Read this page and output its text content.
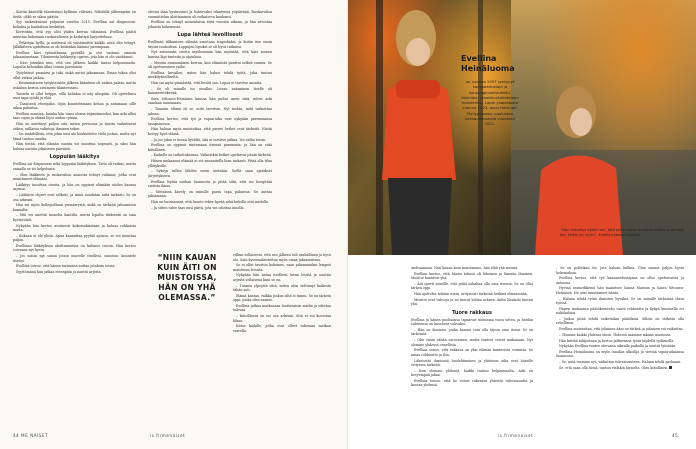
– Koetin käsitellä tilanteitani kyllmän viileästi. Nähdellä jälkeenpäin en tiedä, olikö se oikea päätös.

Syy vaikeuksiinsa paljastui vuoden 2015. Evellina sai diagnoosin: keliakia ja hankaluus keskittyä.

Kerrottiin, että syy olisi yhden kerran elämässä. Evellina päätti muuttaa kokonaan ruokavalionsa ja keskittyä harjoitteluun.

– Pelästyin kyllä, ja mielessä oli väistämättä kaikki, mitä olin tehnyt. Jälkikäteen ajateltuna se oli kuitenkin käänne parempaan.

Evellina kävi työmatkansa pyörällä ja otti vastuun omasta jaksamisestaan. Tilanteesta kehkeytyi opetus, jota hän ei ole unohtanut.

– Kävi jotenkin niin, että sen jälkeen kaikki tuntui helpommalta. Lopulta kehonikin alkoi toimia paremmin.

Työyhteisö ymmärsi ja tuki, mikä auttoi jaksamaan. Ilman tukea olisi ollut vaikea jatkaa.

– Ensimmäiseen työyhteisöön jälkeen käänteen oli vaikea palata, mutta uskalsin kertoa avoimesti tilanteestani.

Taistelu ei ollut helppo, sillä keliakia ei näy ulospäin. Oli opeteltava uusi tapa syödä ja elää.

– Tasaisesti eteenpäin. Opin kuuntelemaan kehoa ja antamaan sille aikaa palautua.

Evellina muistaa, kuinka hän tunsi olonsa vapautuneeksi, kun arki alkoi taas sujua ja elämä löysi uuden rytmin.

Hän on miettinyt paljon sitä, miten persoona ja tausta vaikuttavat siihen, millaisia valintoja ihminen tekee.

– On mahdollista, että jokin uusi ala houkuttelee vielä joskus, mutta nyt tämä tuntuu omalta.

Hän tietää, että elämän suunta voi muuttua nopeasti, ja siksi hän haluaa nauttia jokaisesta päivästä.

Loppuiän lääkitys

Evellina sai diagnoosin sekä loppuiän lääkityksen. Tieto oli raskas, mutta samalla se toi helpotusta.

– Olen lääkkeen ja ruokavalion ansiosta tehnyt valinnat, jotka ovat muuttaneet elämäni.

Lääkitys tasoittaa oireita, ja hän on oppinut elämään niiden kanssa arjessa.

– Lääkärin ohjeet ovat selkeät, ja minä noudatan niitä tarkasti. Se on osa arkeani.

Hän sai myös kollegoiltaan ymmärrystä, mikä on tärkeää jaksamisen kannalta.

– Sitä voi miettiä monelta kantilta, mutta lopulta tärkeintä on oma hyvinvointi.

Nykyään hän kertoo avoimesti kokemuksistaan ja haluaa rohkaista muita.

– Kukaan ei ole yksin. Apua kannattaa pyytää ajoissa, se voi muuttaa paljon.

Evellinan lääkityksen aloittamisesta on kulunut vuosia. Hän kertoo voivansa nyt hyvin.

– Jos saisin nyt sanoa jotain nuorelle itselleni, sanoisin: kuuntele itseäsi.

Evellina toivoo, että hänen tarinansa auttaa jotakuta toista.

Syyttömänä hän jatkaa eteenpäin ja nauttii arjesta.

olevan ihan hyvinvointi ja hahtevaksi tilanteena yöpäivänä. Ruokavalion suunnittelun aloittaminen oli ratkaiseva kuukausi.

Evellina on tehnyt monenlaisia töitä vuosien aikana, ja hän arvostaa jokaista kokemusta.

Lupa lähteä levollisesti

Evellinan tilikauteen elämää sanotaan tragediaksi, ja koitin itse ensin täysin rauhoittua. Loppujen lopuksi se oli hyvä ratkaisu.

Nyt seitsemän vuotta myöhemmin hän myöntää, että kävi monen kanssa läpi tunteita ja ajatuksia.

– Muutin ensimmäisen kerran, kun elämästä puuttui selkeä suunta. Se oli opettavainen vaihe.

Evellina kuvailee, miten hän halusi tehdä työtä, joka tuntuu merkitykselliseltä.

Hän sai myös ymmärtää, että levätä saa. Lepoa ei tarvitse ansaita.

– Se oli minulle iso oivallus. Luvan antaminen itselle oli käänteentekevää.

Sara Sittonen-Heinäsen kanssa hän puhui usein siitä, miten arki saadaan toimimaan.

– Tasaisin elämä oli se, mitä tarvitsin. Nyt tiedän, mitä tarkoittaa jaksaa.

Evellina kertoo, että työ ja vapaa-aika ovat nykyään paremmassa tasapainossa.

Hän haluaa myös muistuttaa, että pienet hetket ovat tärkeitä. Niistä kertyy hyvä elämä.

– Ja jos jokin ei tunnu hyvältä, sitä ei tarvitse jatkaa. Voi valita toisin.

Evellina on oppinut tuntemaan itsensä paremmin, ja hän on siitä kiitollinen.

– Kaikella on tarkoituksensa. Vaikeatkin hetket opettavat jotain tärkeää.

Hänen mukaansa elämää ei voi suunnitella liian tarkasti. Pitää olla tilaa yllätyksille.

– Syksyn tullen lähden usein metsään. Siellä saan ajatukset järjestykseen.

Evellina löytää rauhan luonnosta ja pitää siitä, että voi hengittää raitista ilmaa.

– Metsässä kävely on minulle paras tapa palautua. Se auttaa jaksamaan.

Hän on huomannut, että luonto tekee hyvää sekä keholle että mielelle.

– Ja sitten tulee taas uusi päivä, jota voi odottaa innolla.

“NIIN KAUAN KUIN ÄITI ON MUISTOISSA, HÄN ON YHÄ OLEMASSA.”

vilhun sellaisesta, että sen jälkeen tuli rauhallinen ja hyvä olo. Sain kyseenalaistettua myös omaa jaksamistani.

Se ei ollut tavaton kokemus, vaan pikemminkin lempeä muistutus levosta.

Nykyään hän antaa itselleen luvan levätä ja nauttia arjesta sellaisena kuin se on.

– Tunnen ylpeyttä siitä, miten olen selvinnyt kaikesta tähän asti.

Elämä kantaa, vaikka joskus siltä ei tunnu. Se on tärkein oppi, jonka olen saanut.

Evellina jatkaa matkaansa luottavaisin mielin ja odottaa tulevaa.

– Kiitollisuus on iso osa arkeani. Sitä ei voi korostaa liikaa.

Kiitos kaikille, jotka ovat olleet tukenani matkan varrella.

Evellina Heinäluoma
on vuonna 1997 syntynyt kansanedustaja ja kaupunginvaltuutettu. Valmistui yhteiskuntatieteiden maisteriksi. Lapin yliopistosta vuonna 2023, asuu Helsingin Myllypurossa, puolustaa kansanedustajia vuodesta 2021.
“Käin menetys opetti sen, että pitää osata arvostaa hetkiä ja ihmisiä, kun kaikki on hyvin”, Evellina sanoo kuvassa.

undraamaan. Niin kauan kuin muistamme, hän elää yhä meissä.

Evellina kertoo, että hänen äitinsä oli läheinen ja lämmin ihminen. Muistot kantavat yhä.

– Äiti opetti minulle, että pitää uskaltaa olla oma itsensä. Se on ollut tärkeä oppi.

Hän ajattelee äitiään usein, erityisesti tärkeinä hetkinä elämässään.

Muistot ovat vahvoja ja ne tuovat lohtua arkeen. Äidin läsnäolo tuntuu yhä.

Tuore rakkaus

Evellina ja hänen puolisonsa tapasivat muutama vuosi sitten, ja heidän suhteensa on kasvanut vahvaksi.

– Hän on ihminen, jonka kanssa voin olla täysin oma itseni. Se on tärkeintä.

– Olin ensin vähän varovainen, mutta tunteet veivät mukanaan. Nyt olemme yhdessä onnellisia.

Evellina sanoo, että rakkaus on yksi elämän kantavista voimista. Se antaa rohkeutta ja iloa.

Läheisistä ihmisistä huolehtiminen ja yhteinen aika ovat hänelle erityisen tärkeitä.

– Kun olemme yhdessä, kaikki tuntuu helpommalta. Arki on kevyempää jakaa.

Evellina toivoo, että he voivat rakentaa yhteistä tulevaisuutta ja kasvaa yhdessä.

– Se on politiikan tie, jota haluan kulkea. Olen saanut paljon hyviä kokemuksia.

Evellina kertoo, että työ kansanedustajana on ollut opettavaista ja antoisaa.

Hyvinä esimerkkeinä hän mainitsee Sanna Marinin ja Saara Sittonen-Heinäsen. He ovat innostaneet häntä.

– Haluan tehdä työtä ihmisten hyväksi. Se on minulle tärkeintä tässä työssä.

Hänen mukaansa päätöksenteko vaatii rohkeutta ja kykyä kuunnella eri näkökulmia.

– Joskus pitää tehdä vaikeitakin päätöksiä. Silloin on tärkeää olla rehellinen.

Evellina muistuttaa, että jokainen ääni on tärkeä ja jokainen voi vaikuttaa.

– Olemme kaikki yhdessä tässä. Yhdessä saamme aikaan muutosta.

Hän kiittää tukijoitaan ja kertoo jatkavansa työtä täydellä sydämellä.

Nykyään Evellina tuntee olevansa oikealla paikalla ja nauttii työstään.

Evellina Heinäluoma on myös innokas ulkoilija ja viettää vapaa-aikaansa luonnossa.

– Se, mitä teemme nyt, vaikuttaa tulevaisuuteen. Haluan tehdä parhaani.

Se, että saan olla tässä, tuntuu vieläkin hienolta. Olen kiitollinen.

44 ME NAISET	is.fi/menaiset	is.fi/menaiset	45
